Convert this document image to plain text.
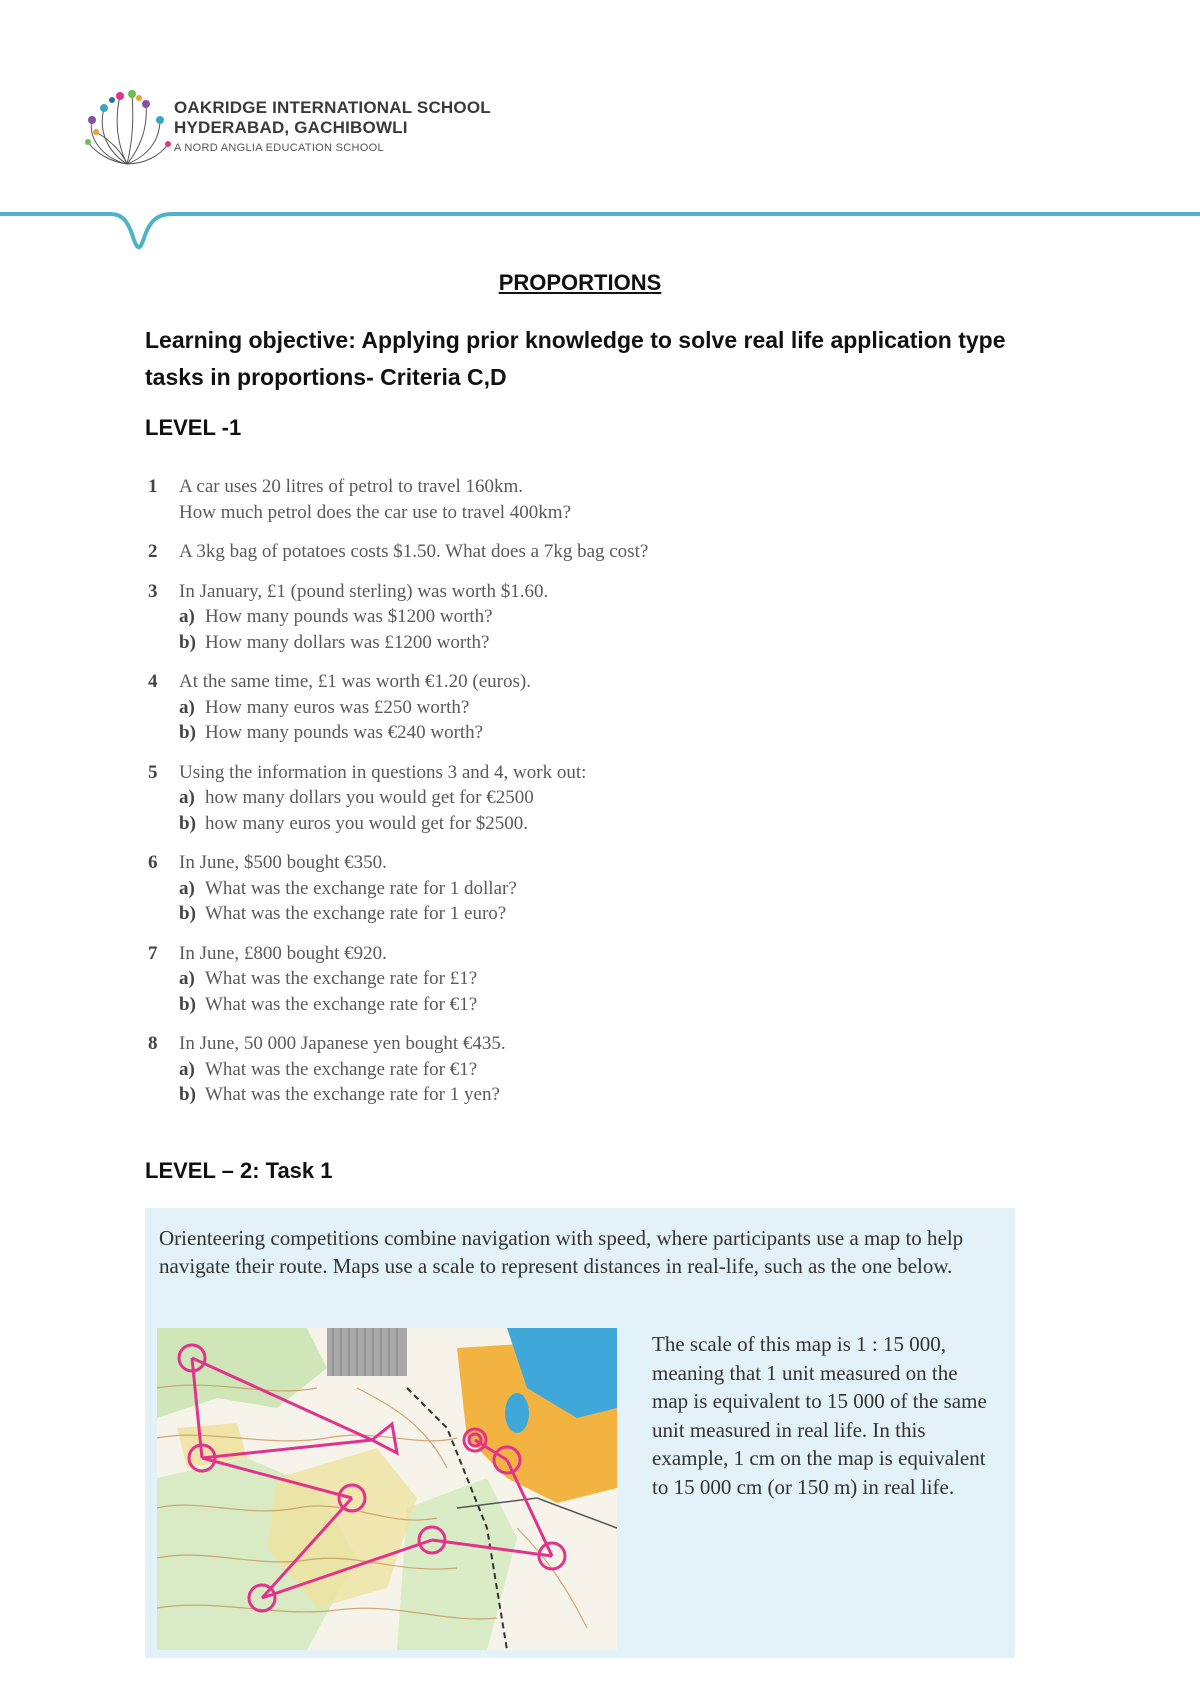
OAKRIDGE INTERNATIONAL SCHOOL
HYDERABAD, GACHIBOWLI
A NORD ANGLIA EDUCATION SCHOOL
PROPORTIONS
Learning objective: Applying prior knowledge to solve real life application type tasks in proportions- Criteria C,D
LEVEL -1
1 A car uses 20 litres of petrol to travel 160km.
How much petrol does the car use to travel 400km?
2 A 3kg bag of potatoes costs $1.50. What does a 7kg bag cost?
3 In January, £1 (pound sterling) was worth $1.60.
a) How many pounds was $1200 worth?
b) How many dollars was £1200 worth?
4 At the same time, £1 was worth €1.20 (euros).
a) How many euros was £250 worth?
b) How many pounds was €240 worth?
5 Using the information in questions 3 and 4, work out:
a) how many dollars you would get for €2500
b) how many euros you would get for $2500.
6 In June, $500 bought €350.
a) What was the exchange rate for 1 dollar?
b) What was the exchange rate for 1 euro?
7 In June, £800 bought €920.
a) What was the exchange rate for £1?
b) What was the exchange rate for €1?
8 In June, 50 000 Japanese yen bought €435.
a) What was the exchange rate for €1?
b) What was the exchange rate for 1 yen?
LEVEL – 2: Task 1
Orienteering competitions combine navigation with speed, where participants use a map to help navigate their route. Maps use a scale to represent distances in real-life, such as the one below.
The scale of this map is 1 : 15 000, meaning that 1 unit measured on the map is equivalent to 15 000 of the same unit measured in real life. In this example, 1 cm on the map is equivalent to 15 000 cm (or 150 m) in real life.
